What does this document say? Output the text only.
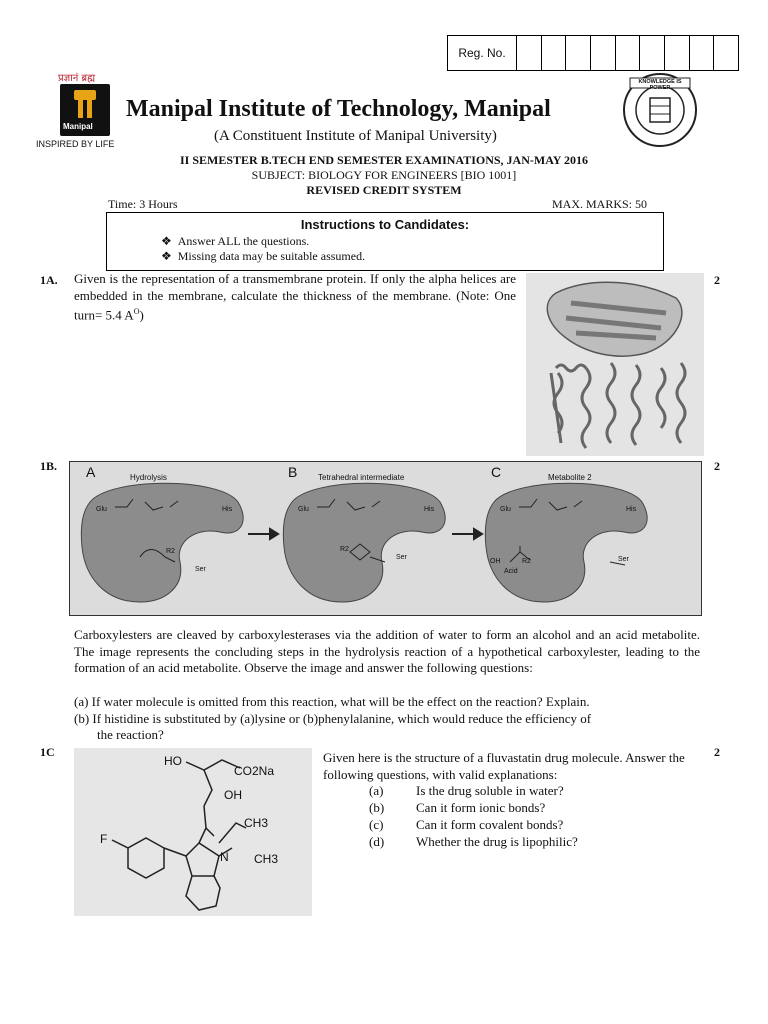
Reg. No.
प्रज्ञानं ब्रह्म
Manipal
INSPIRED BY LIFE
KNOWLEDGE IS POWER
Manipal Institute of Technology, Manipal
(A Constituent Institute of Manipal University)
II SEMESTER B.TECH END SEMESTER EXAMINATIONS, JAN-MAY 2016
SUBJECT: BIOLOGY FOR ENGINEERS [BIO 1001]
REVISED CREDIT SYSTEM
Time: 3 Hours	MAX. MARKS: 50
Instructions to Candidates:
❖ Answer ALL the questions.
❖ Missing data may be suitable assumed.
1A. Given is the representation of a transmembrane protein. If only the alpha helices are embedded in the membrane, calculate the thickness of the membrane. (Note: One turn= 5.4 $A^O$)
2
1B.	2
A	Hydrolysis	B	Tetrahedral intermediate	C	Metabolite 2
Glu	His
Ser
R2
Glu	His
Ser
R2
Glu	His
Ser
OH	R2
Acid
Carboxylesters are cleaved by carboxylesterases via the addition of water to form an alcohol and an acid metabolite. The image represents the concluding steps in the hydrolysis reaction of a hypothetical carboxylester, leading to the formation of an acid metabolite. Observe the image and answer the following questions:
(a) If water molecule is omitted from this reaction, what will be the effect on the reaction? Explain.
(b) If histidine is substituted by (a)lysine or (b)phenylalanine, which would reduce the efficiency of
the reaction?
1C	2
HO
CO2Na
OH
CH3
CH3
F
N
Given here is the structure of a fluvastatin drug molecule. Answer the following questions, with valid explanations:
(a)	Is the drug soluble in water?
(b) Can it form ionic bonds?
(c)	Can it form covalent bonds?
(d) Whether the drug is lipophilic?
